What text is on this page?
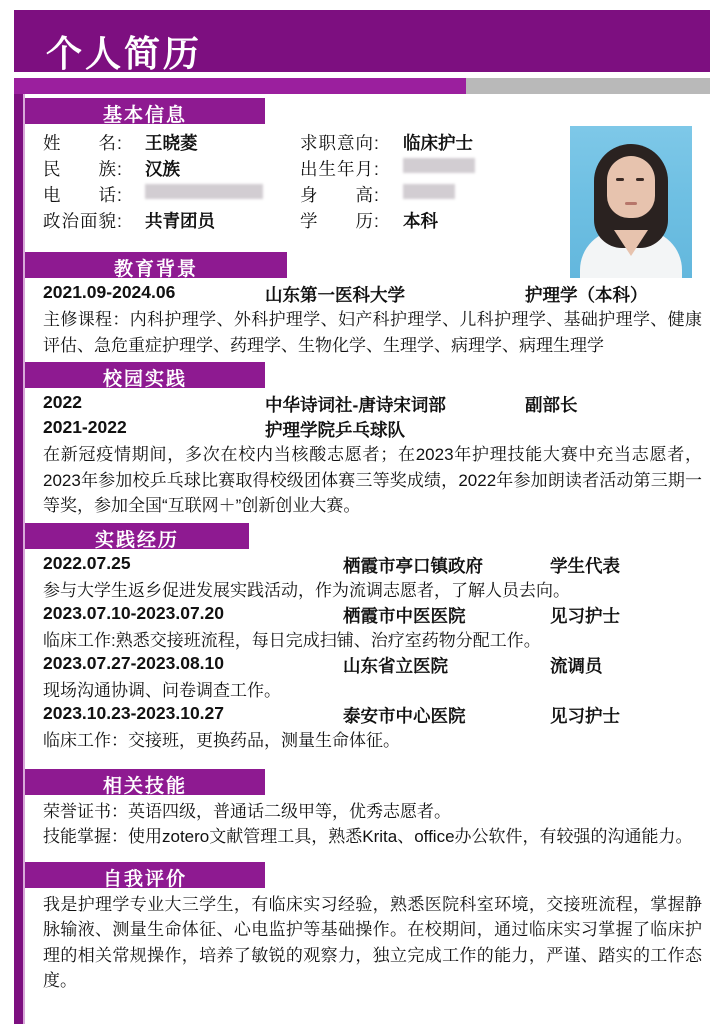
个人简历
基本信息
姓　　名:	王晓菱	求职意向:	临床护士
民　　族:	汉族	出生年月:
电　　话:	身　　高:
政治面貌:	共青团员	学　　历:	本科
教育背景
2021.09-2024.06	山东第一医科大学	护理学（本科）
主修课程：内科护理学、外科护理学、妇产科护理学、儿科护理学、基础护理学、健康评估、急危重症护理学、药理学、生物化学、生理学、病理学、病理生理学
校园实践
2022	中华诗词社-唐诗宋词部	副部长
2021-2022	护理学院乒乓球队
在新冠疫情期间，多次在校内当核酸志愿者；在2023年护理技能大赛中充当志愿者，2023年参加校乒乓球比赛取得校级团体赛三等奖成绩，2022年参加朗读者活动第三期一等奖，参加全国“互联网＋”创新创业大赛。
实践经历
2022.07.25	栖霞市亭口镇政府	学生代表
参与大学生返乡促进发展实践活动，作为流调志愿者，了解人员去向。
2023.07.10-2023.07.20	栖霞市中医医院	见习护士
临床工作:熟悉交接班流程，每日完成扫铺、治疗室药物分配工作。
2023.07.27-2023.08.10	山东省立医院	流调员
现场沟通协调、问卷调查工作。
2023.10.23-2023.10.27	泰安市中心医院	见习护士
临床工作：交接班，更换药品，测量生命体征。
相关技能
荣誉证书：英语四级，普通话二级甲等，优秀志愿者。
技能掌握：使用zotero文献管理工具，熟悉Krita、office办公软件，有较强的沟通能力。
自我评价
我是护理学专业大三学生，有临床实习经验，熟悉医院科室环境，交接班流程，掌握静脉输液、测量生命体征、心电监护等基础操作。在校期间，通过临床实习掌握了临床护理的相关常规操作，培养了敏锐的观察力，独立完成工作的能力，严谨、踏实的工作态度。
